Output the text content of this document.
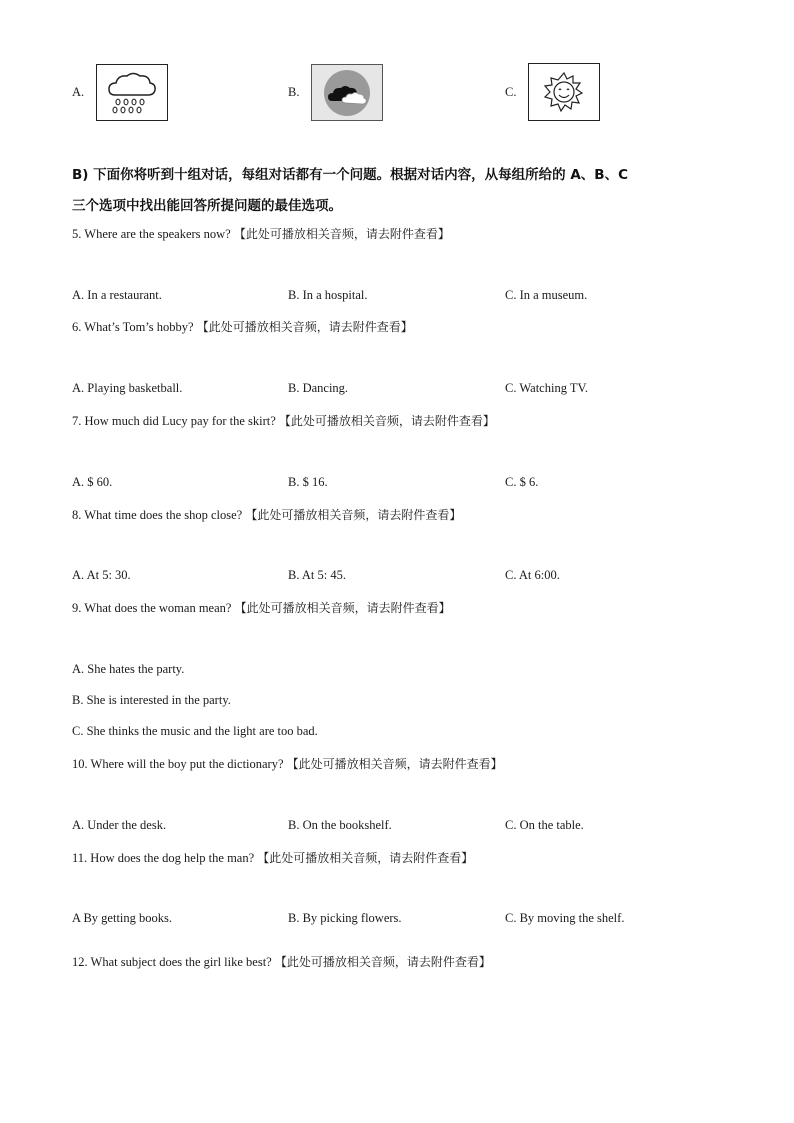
A.	B.	C.
B) 下面你将听到十组对话，每组对话都有一个问题。根据对话内容，从每组所给的 A、B、C
三个选项中找出能回答所提问题的最佳选项。
5. Where are the speakers now? 【此处可播放相关音频，请去附件查看】
A. In a restaurant.	B. In a hospital.	C. In a museum.
6. What’s Tom’s hobby? 【此处可播放相关音频，请去附件查看】
A. Playing basketball.	B. Dancing.	C. Watching TV.
7. How much did Lucy pay for the skirt? 【此处可播放相关音频，请去附件查看】
A. $ 60.	B. $ 16.	C. $ 6.
8. What time does the shop close? 【此处可播放相关音频，请去附件查看】
A. At 5: 30.	B. At 5: 45.	C. At 6:00.
9. What does the woman mean? 【此处可播放相关音频，请去附件查看】
A. She hates the party.
B. She is interested in the party.
C. She thinks the music and the light are too bad.
10. Where will the boy put the dictionary? 【此处可播放相关音频，请去附件查看】
A. Under the desk.	B. On the bookshelf.	C. On the table.
11. How does the dog help the man? 【此处可播放相关音频，请去附件查看】
A By getting books.	B. By picking flowers.	C. By moving the shelf.
12. What subject does the girl like best? 【此处可播放相关音频，请去附件查看】
